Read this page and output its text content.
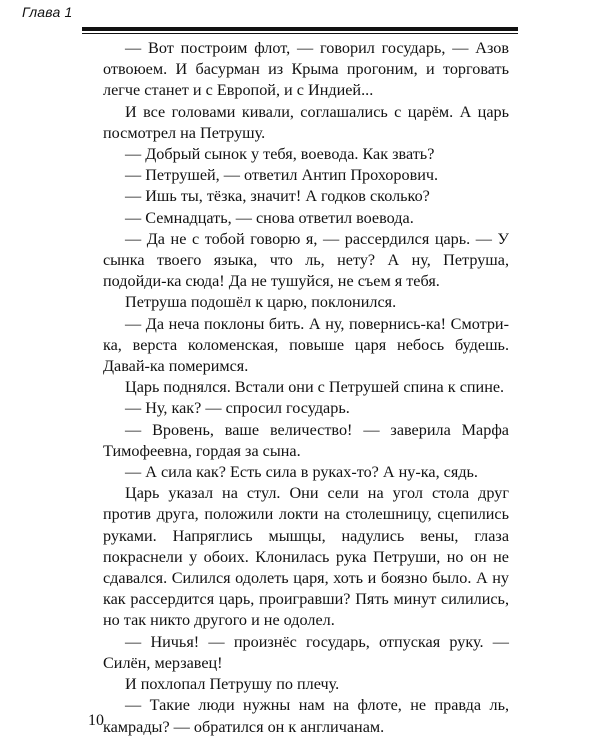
Глава 1

— Вот построим флот, — говорил государь, — Азов отвоюем. И басурман из Крыма прогоним, и торговать легче станет и с Европой, и с Индией...

И все головами кивали, соглашались с царём. А царь посмотрел на Петрушу.

— Добрый сынок у тебя, воевода. Как звать?

— Петрушей, — ответил Антип Прохорович.

— Ишь ты, тёзка, значит! А годков сколько?

— Семнадцать, — снова ответил воевода.

— Да не с тобой говорю я, — рассердился царь. — У сынка твоего языка, что ль, нету? А ну, Петруша, подойди-ка сюда! Да не тушуйся, не съем я тебя.

Петруша подошёл к царю, поклонился.

— Да неча поклоны бить. А ну, повернись-ка! Смотри-ка, верста коломенская, повыше царя небось будешь. Давай-ка померимся.

Царь поднялся. Встали они с Петрушей спина к спине.

— Ну, как? — спросил государь.

— Вровень, ваше величество! — заверила Марфа Тимофеевна, гордая за сына.

— А сила как? Есть сила в руках-то? А ну-ка, сядь.

Царь указал на стул. Они сели на угол стола друг против друга, положили локти на столешницу, сцепились руками. Напряглись мышцы, надулись вены, глаза покраснели у обоих. Клонилась рука Петруши, но он не сдавался. Силился одолеть царя, хоть и боязно было. А ну как рассердится царь, проигравши? Пять минут силились, но так никто другого и не одолел.

— Ничья! — произнёс государь, отпуская руку. — Силён, мерзавец!

И похлопал Петрушу по плечу.

— Такие люди нужны нам на флоте, не правда ль, камрады? — обратился он к англичанам.

10
